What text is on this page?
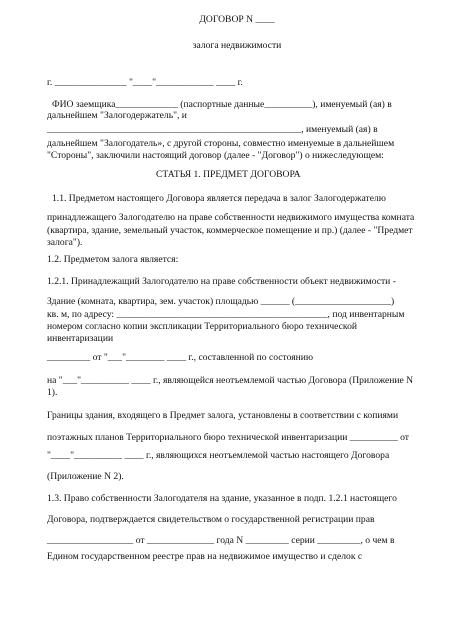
ДОГОВОР N ____
залога недвижимости
г. _______________ "____"____________ ____ г.
ФИО заемщика_____________ (паспортные данные__________), именуемый (ая) в
дальнейшем "Залогодержатель", и
_____________________________________________________, именуемый (ая) в
дальнейшем "Залогодатель», с другой стороны, совместно именуемые в дальнейшем
"Стороны", заключили настоящий договор (далее - "Договор") о нижеследующем:
СТАТЬЯ 1. ПРЕДМЕТ ДОГОВОРА
1.1. Предметом настоящего Договора является передача в залог Залогодержателю
принадлежащего Залогодателю на праве собственности недвижимого имущества комната
(квартира, здание, земельный участок, коммерческое помещение и пр.) (далее - "Предмет
залога").
1.2. Предметом залога является:
1.2.1. Принадлежащий Залогодателю на праве собственности объект недвижимости -
Здание (комната, квартира, зем. участок) площадью ______ (____________________)
кв. м, по адресу: ____________________________________________, под инвентарным
номером согласно копии экспликации Территориального бюро технической
инвентаризации
_________ от "___"________ ____ г., составленной по состоянию
на "___"__________ ____ г., являющейся неотъемлемой частью Договора (Приложение N
1).
Границы здания, входящего в Предмет залога, установлены в соответствии с копиями
поэтажных планов Территориального бюро технической инвентаризации __________ от
"____"__________ ____ г., являющихся неотъемлемой частью настоящего Договора
(Приложение N 2).
1.3. Право собственности Залогодателя на здание, указанное в подп. 1.2.1 настоящего
Договора, подтверждается свидетельством о государственной регистрации прав
__________________ от ______________ года N _________ серии _________, о чем в
Едином государственном реестре прав на недвижимое имущество и сделок с
